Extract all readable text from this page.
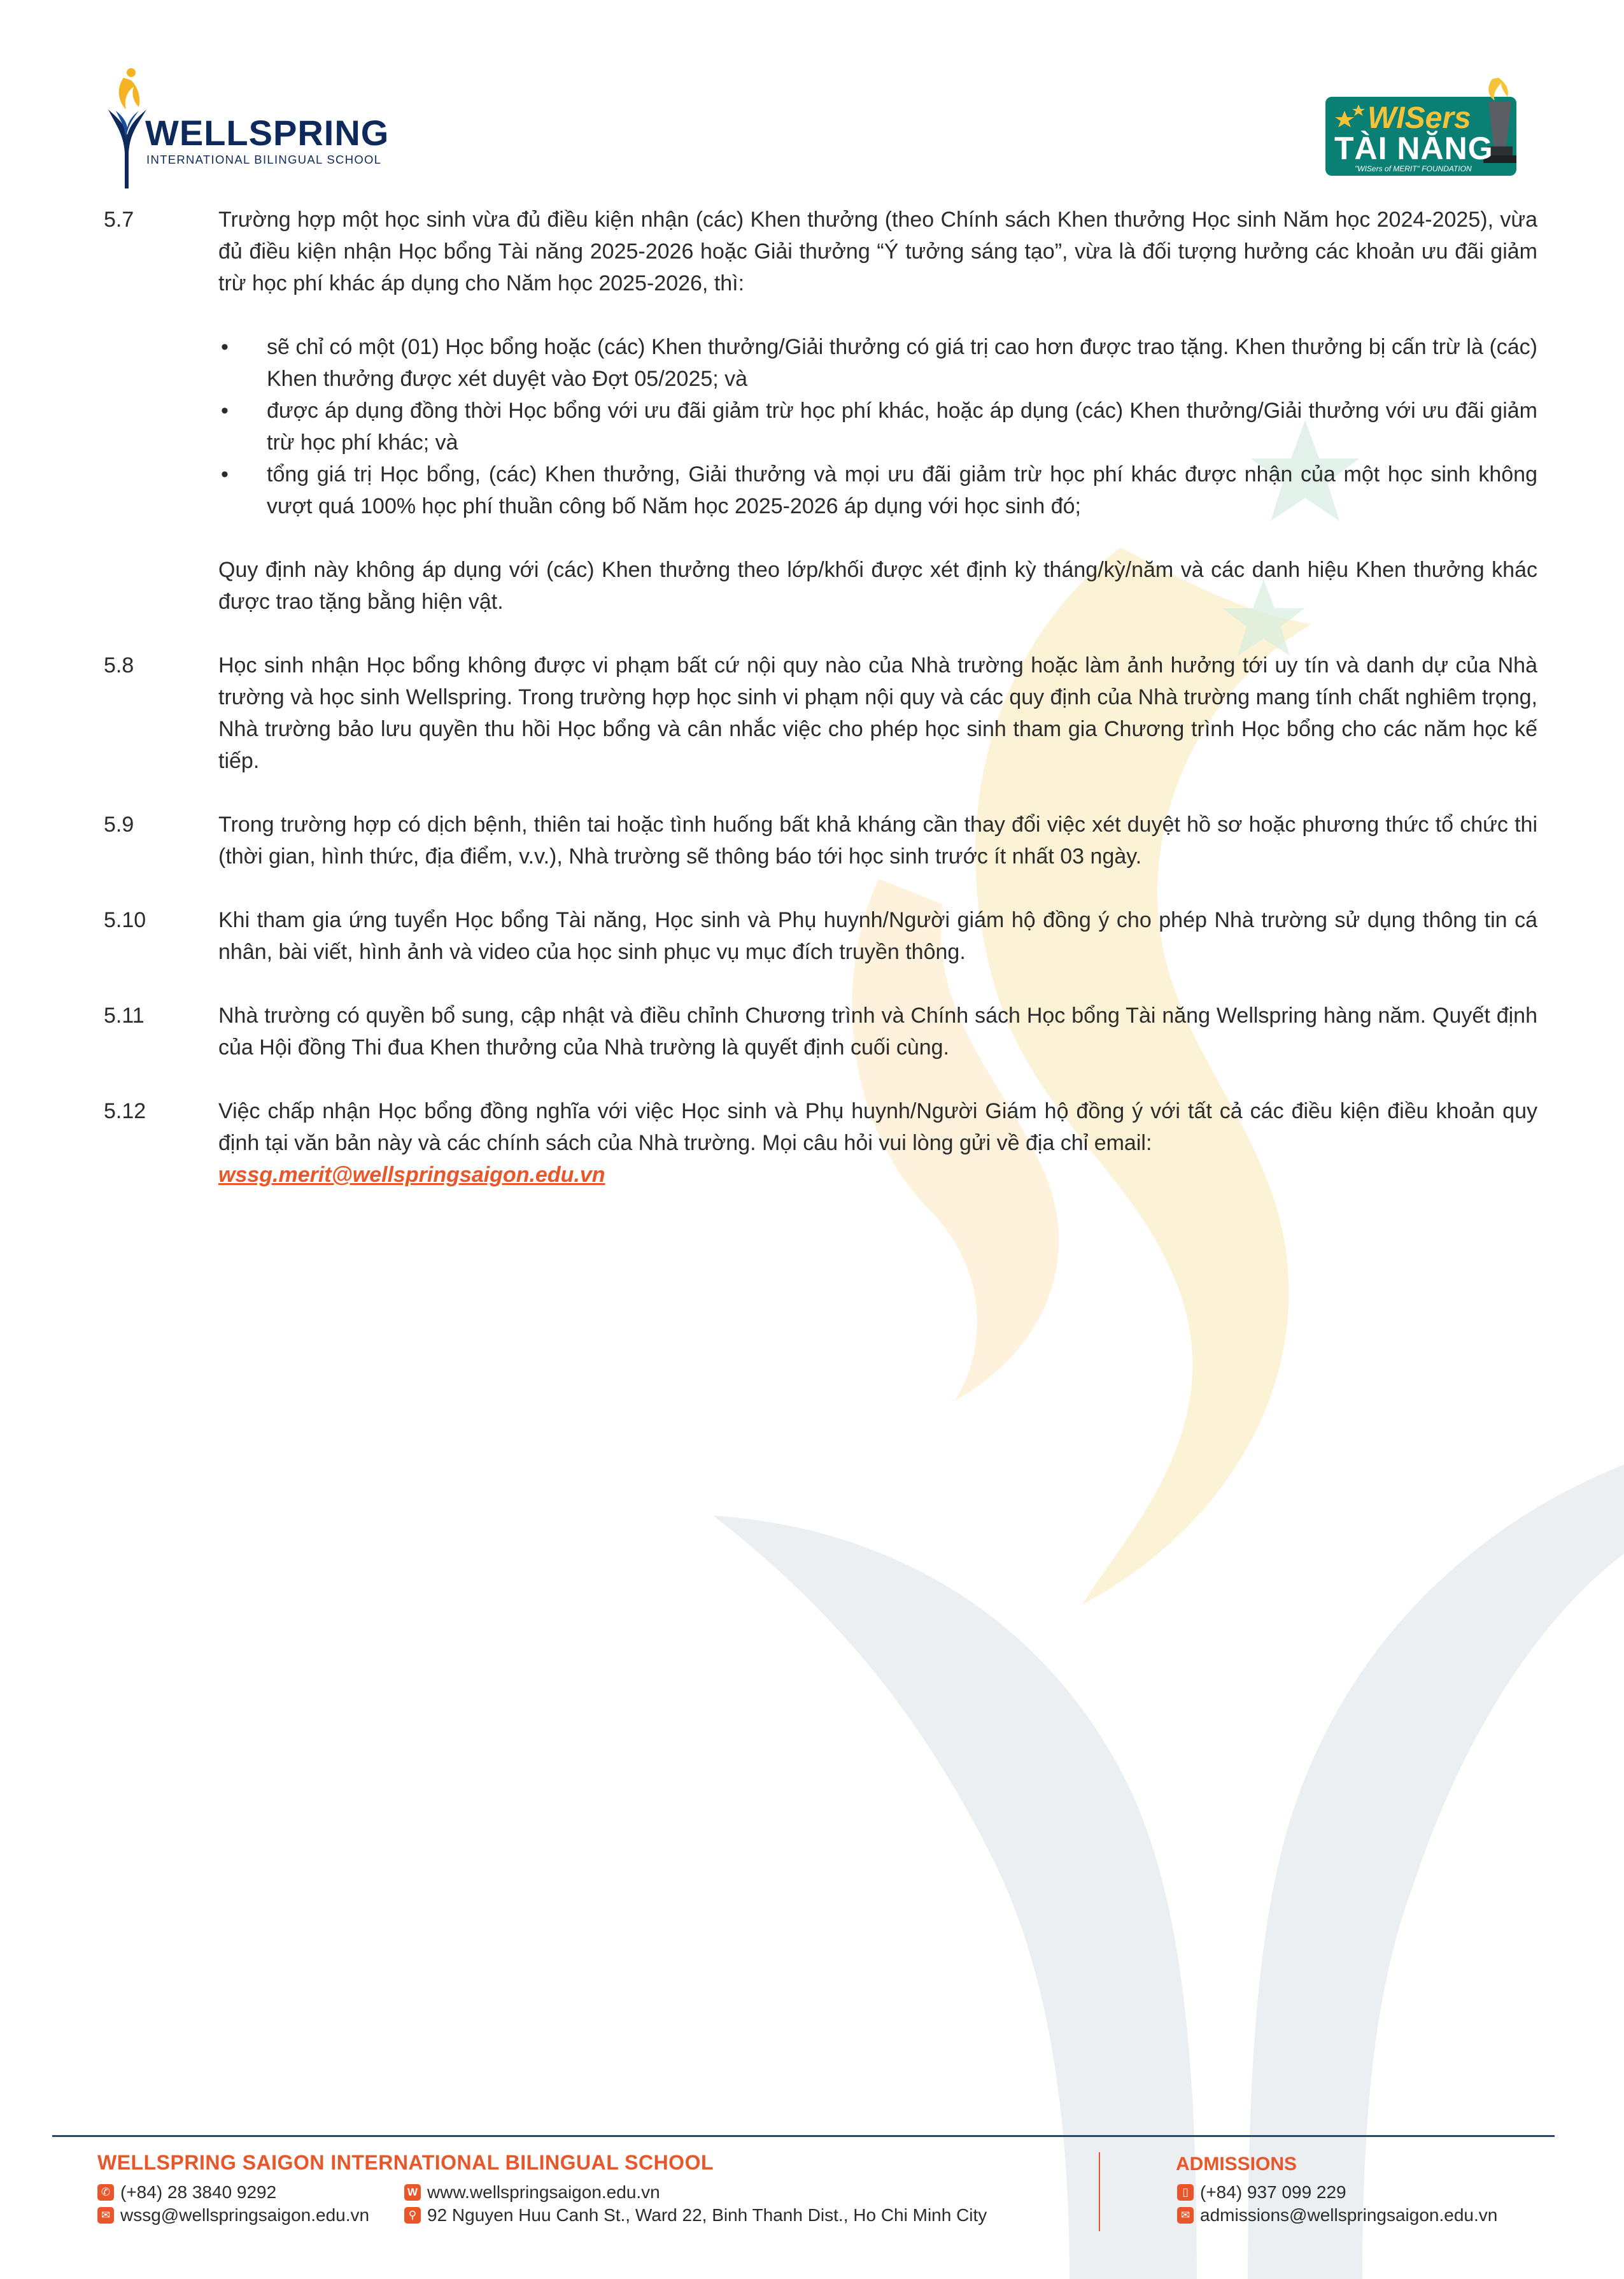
WELLSPRING
INTERNATIONAL BILINGUAL SCHOOL
WISers
TÀI NĂNG
"WISers of MERIT" FOUNDATION
5.7	Trường hợp một học sinh vừa đủ điều kiện nhận (các) Khen thưởng (theo Chính sách Khen thưởng Học sinh Năm học 2024-2025), vừa đủ điều kiện nhận Học bổng Tài năng 2025-2026 hoặc Giải thưởng “Ý tưởng sáng tạo”, vừa là đối tượng hưởng các khoản ưu đãi giảm trừ học phí khác áp dụng cho Năm học 2025-2026, thì:

• sẽ chỉ có một (01) Học bổng hoặc (các) Khen thưởng/Giải thưởng có giá trị cao hơn được trao tặng. Khen thưởng bị cấn trừ là (các) Khen thưởng được xét duyệt vào Đợt 05/2025; và
• được áp dụng đồng thời Học bổng với ưu đãi giảm trừ học phí khác, hoặc áp dụng (các) Khen thưởng/Giải thưởng với ưu đãi giảm trừ học phí khác; và
• tổng giá trị Học bổng, (các) Khen thưởng, Giải thưởng và mọi ưu đãi giảm trừ học phí khác được nhận của một học sinh không vượt quá 100% học phí thuần công bố Năm học 2025-2026 áp dụng với học sinh đó;

Quy định này không áp dụng với (các) Khen thưởng theo lớp/khối được xét định kỳ tháng/kỳ/năm và các danh hiệu Khen thưởng khác được trao tặng bằng hiện vật.

5.8	Học sinh nhận Học bổng không được vi phạm bất cứ nội quy nào của Nhà trường hoặc làm ảnh hưởng tới uy tín và danh dự của Nhà trường và học sinh Wellspring. Trong trường hợp học sinh vi phạm nội quy và các quy định của Nhà trường mang tính chất nghiêm trọng, Nhà trường bảo lưu quyền thu hồi Học bổng và cân nhắc việc cho phép học sinh tham gia Chương trình Học bổng cho các năm học kế tiếp.

5.9	Trong trường hợp có dịch bệnh, thiên tai hoặc tình huống bất khả kháng cần thay đổi việc xét duyệt hồ sơ hoặc phương thức tổ chức thi (thời gian, hình thức, địa điểm, v.v.), Nhà trường sẽ thông báo tới học sinh trước ít nhất 03 ngày.

5.10	Khi tham gia ứng tuyển Học bổng Tài năng, Học sinh và Phụ huynh/Người giám hộ đồng ý cho phép Nhà trường sử dụng thông tin cá nhân, bài viết, hình ảnh và video của học sinh phục vụ mục đích truyền thông.

5.11	Nhà trường có quyền bổ sung, cập nhật và điều chỉnh Chương trình và Chính sách Học bổng Tài năng Wellspring hàng năm. Quyết định của Hội đồng Thi đua Khen thưởng của Nhà trường là quyết định cuối cùng.

5.12	Việc chấp nhận Học bổng đồng nghĩa với việc Học sinh và Phụ huynh/Người Giám hộ đồng ý với tất cả các điều kiện điều khoản quy định tại văn bản này và các chính sách của Nhà trường. Mọi câu hỏi vui lòng gửi về địa chỉ email:

wssg.merit@wellspringsaigon.edu.vn

WELLSPRING SAIGON INTERNATIONAL BILINGUAL SCHOOL
✆ (+84) 28 3840 9292
✉ wssg@wellspringsaigon.edu.vn
W www.wellspringsaigon.edu.vn
⚲ 92 Nguyen Huu Canh St., Ward 22, Binh Thanh Dist., Ho Chi Minh City
ADMISSIONS
▯ (+84) 937 099 229
✉ admissions@wellspringsaigon.edu.vn
